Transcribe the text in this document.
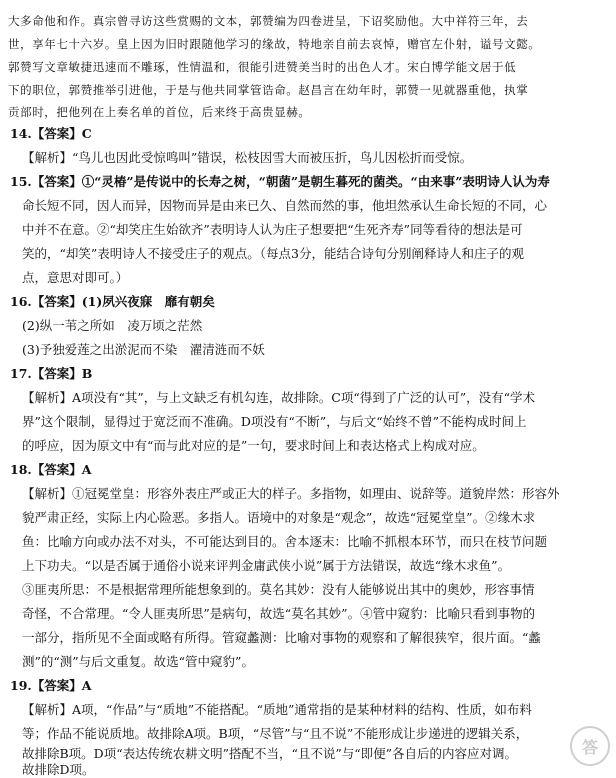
大多命他和作。真宗曾寻访这些赏赐的文本，郭赞编为四卷进呈，下诏奖励他。大中祥符三年，去
世，享年七十六岁。皇上因为旧时跟随他学习的缘故，特地亲自前去哀悼，赠官左仆射，谥号文懿。
郭赞写文章敏捷迅速而不雕琢，性情温和，很能引进赞美当时的出色人才。宋白博学能文居于低
下的职位，郭赞推举引进他，于是与他共同掌管诰命。赵昌言在幼年时，郭赞一见就器重他，执掌
贡部时，把他列在上奏名单的首位，后来终于高贵显赫。
14.【答案】C
【解析】“鸟儿也因此受惊鸣叫”错误，松枝因雪大而被压折，鸟儿因松折而受惊。
15.【答案】①“灵椿”是传说中的长寿之树，“朝菌”是朝生暮死的菌类。“由来事”表明诗人认为寿
命长短不同，因人而异，因物而异是由来已久、自然而然的事，他坦然承认生命长短的不同，心
中并不在意。②“却笑庄生始欲齐”表明诗人认为庄子想要把“生死齐寿”同等看待的想法是可
笑的，“却笑”表明诗人不接受庄子的观点。（每点3分，能结合诗句分别阐释诗人和庄子的观
点，意思对即可。）
16.【答案】(1)夙兴夜寐　靡有朝矣
(2)纵一苇之所如　凌万顷之茫然
(3)予独爱莲之出淤泥而不染　濯清涟而不妖
17.【答案】B
【解析】A项没有“其”，与上文缺乏有机勾连，故排除。C项“得到了广泛的认可”，没有“学术
界”这个限制，显得过于宽泛而不准确。D项没有“不断”，与后文“始终不曾”不能构成时间上
的呼应，因为原文中有“而与此对应的是”一句，要求时间上和表达格式上构成对应。
18.【答案】A
【解析】①冠冕堂皇：形容外表庄严或正大的样子。多指物，如理由、说辞等。道貌岸然：形容外
貌严肃正经，实际上内心险恶。多指人。语境中的对象是“观念”，故选“冠冕堂皇”。②缘木求
鱼：比喻方向或办法不对头，不可能达到目的。舍本逐末：比喻不抓根本环节，而只在枝节问题
上下功夫。“以是否属于通俗小说来评判金庸武侠小说”属于方法错误，故选“缘木求鱼”。
③匪夷所思：不是根据常理所能想象到的。莫名其妙：没有人能够说出其中的奥妙，形容事情
奇怪，不合常理。“令人匪夷所思”是病句，故选“莫名其妙”。④管中窥豹：比喻只看到事物的
一部分，指所见不全面或略有所得。管窥蠡测：比喻对事物的观察和了解很狭窄，很片面。“蠡
测”的“测”与后文重复。故选“管中窥豹”。
19.【答案】A
【解析】A项，“作品”与“质地”不能搭配。“质地”通常指的是某种材料的结构、性质，如布料
等；作品不能说质地。故排除A项。B项，“尽管”与“且不说”不能形成让步递进的逻辑关系，
故排除B项。D项“表达传统农耕文明”搭配不当，“且不说”与“即便”各自后的内容应对调。
故排除D项。
答
